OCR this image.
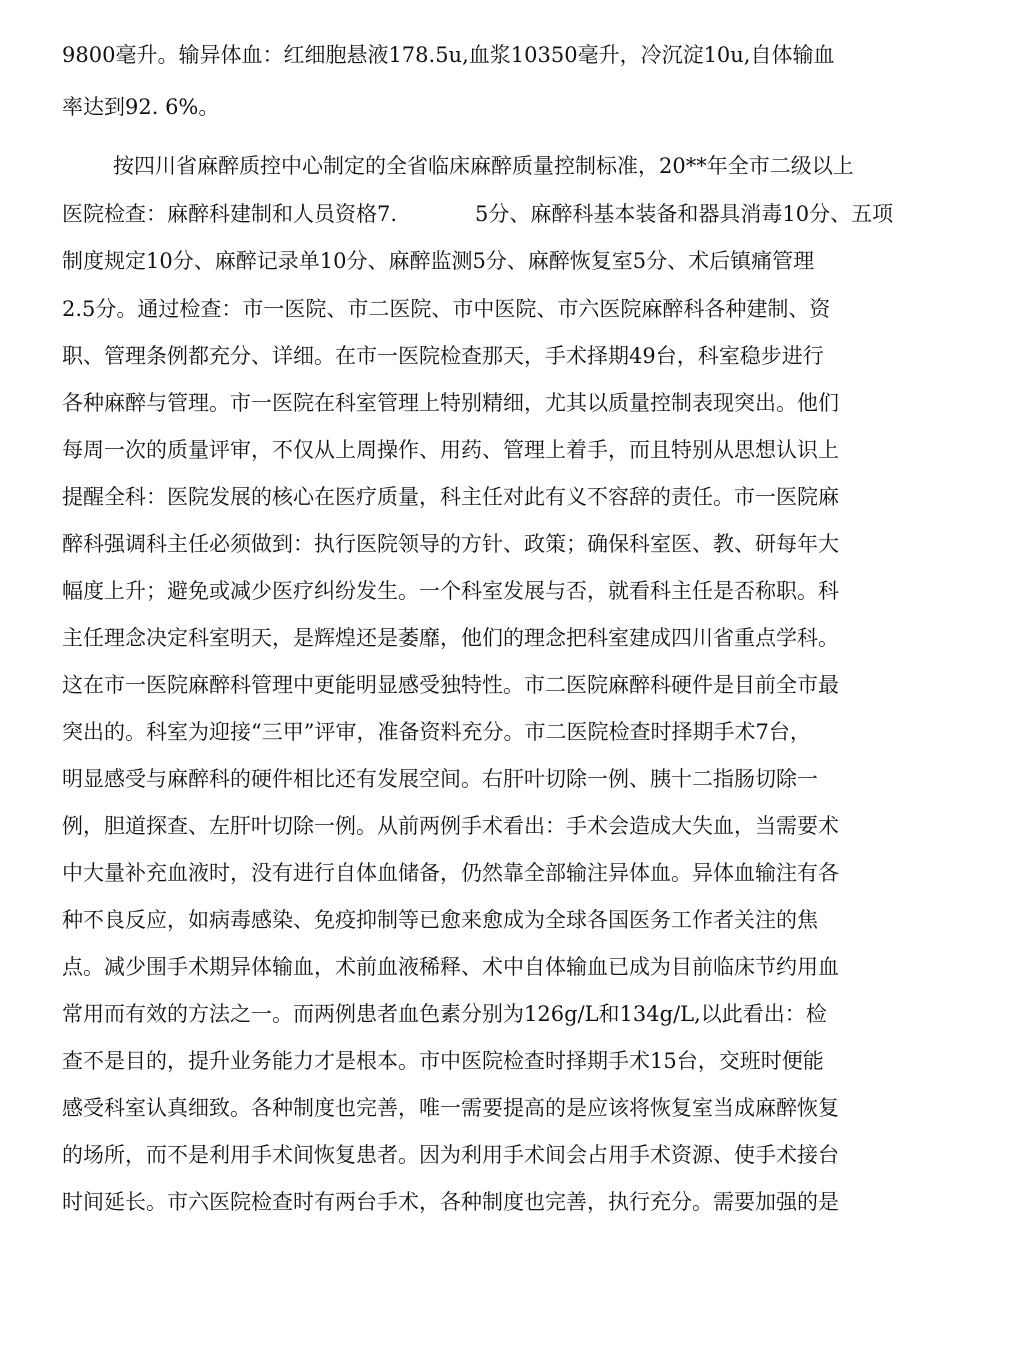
9800毫升。输异体血：红细胞悬液178.5u,血浆10350毫升，冷沉淀10u,自体输血
率达到92. 6%。
按四川省麻醉质控中心制定的全省临床麻醉质量控制标准，20**年全市二级以上
医院检查：麻醉科建制和人员资格7.	5分、麻醉科基本装备和器具消毒10分、五项
制度规定10分、麻醉记录单10分、麻醉监测5分、麻醉恢复室5分、术后镇痛管理
2.5分。通过检查：市一医院、市二医院、市中医院、市六医院麻醉科各种建制、资
职、管理条例都充分、详细。在市一医院检查那天，手术择期49台，科室稳步进行
各种麻醉与管理。市一医院在科室管理上特别精细，尤其以质量控制表现突出。他们
每周一次的质量评审，不仅从上周操作、用药、管理上着手，而且特别从思想认识上
提醒全科：医院发展的核心在医疗质量，科主任对此有义不容辞的责任。市一医院麻
醉科强调科主任必须做到：执行医院领导的方针、政策；确保科室医、教、研每年大
幅度上升；避免或减少医疗纠纷发生。一个科室发展与否，就看科主任是否称职。科
主任理念决定科室明天，是辉煌还是萎靡，他们的理念把科室建成四川省重点学科。
这在市一医院麻醉科管理中更能明显感受独特性。市二医院麻醉科硬件是目前全市最
突出的。科室为迎接“三甲”评审，准备资料充分。市二医院检查时择期手术7台，
明显感受与麻醉科的硬件相比还有发展空间。右肝叶切除一例、胰十二指肠切除一
例，胆道探查、左肝叶切除一例。从前两例手术看出：手术会造成大失血，当需要术
中大量补充血液时，没有进行自体血储备，仍然靠全部输注异体血。异体血输注有各
种不良反应，如病毒感染、免疫抑制等已愈来愈成为全球各国医务工作者关注的焦
点。减少围手术期异体输血，术前血液稀释、术中自体输血已成为目前临床节约用血
常用而有效的方法之一。而两例患者血色素分别为126g/L和134g/L,以此看出：检
查不是目的，提升业务能力才是根本。市中医院检查时择期手术15台，交班时便能
感受科室认真细致。各种制度也完善，唯一需要提高的是应该将恢复室当成麻醉恢复
的场所，而不是利用手术间恢复患者。因为利用手术间会占用手术资源、使手术接台
时间延长。市六医院检查时有两台手术，各种制度也完善，执行充分。需要加强的是
